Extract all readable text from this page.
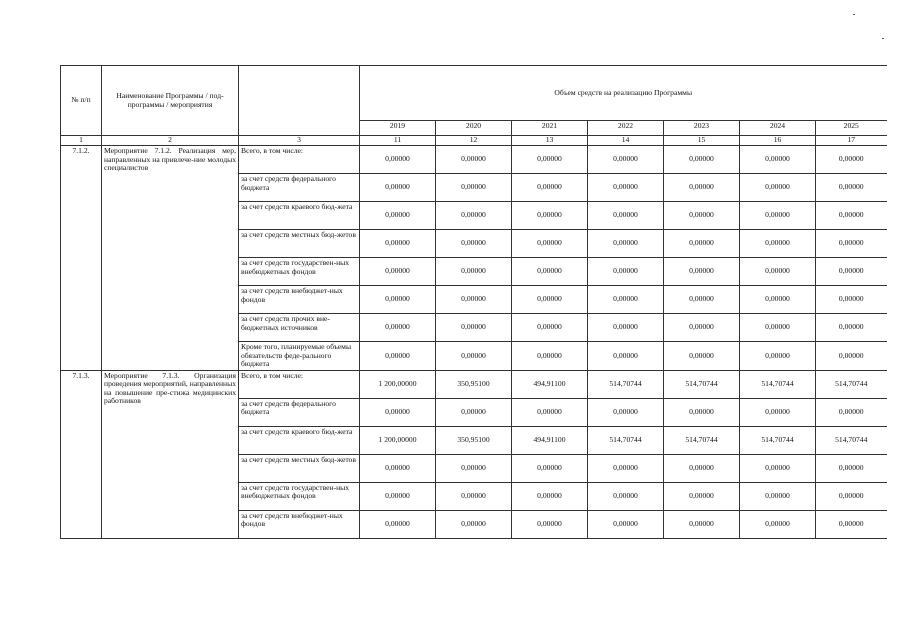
№ п/п	Наименование Программы / под-программы / мероприятия		Объем средств на реализацию Программы						
			2019	2020	2021	2022	2023	2024	2025
1	2	3	11	12	13	14	15	16	17
7.1.2.	Мероприятие 7.1.2. Реализация мер, направленных на привлече-ние молодых специалистов	Всего, в том числе:	0,00000	0,00000	0,00000	0,00000	0,00000	0,00000	0,00000
		за счет средств федерального бюджета	0,00000	0,00000	0,00000	0,00000	0,00000	0,00000	0,00000
		за счет средств краевого бюд-жета	0,00000	0,00000	0,00000	0,00000	0,00000	0,00000	0,00000
		за счет средств местных бюд-жетов	0,00000	0,00000	0,00000	0,00000	0,00000	0,00000	0,00000
		за счет средств государствен-ных внебюджетных фондов	0,00000	0,00000	0,00000	0,00000	0,00000	0,00000	0,00000
		за счет средств внебюджет-ных фондов	0,00000	0,00000	0,00000	0,00000	0,00000	0,00000	0,00000
		за счет средств прочих вне-бюджетных источников	0,00000	0,00000	0,00000	0,00000	0,00000	0,00000	0,00000
		Кроме того, планируемые объемы обязательств феде-рального бюджета	0,00000	0,00000	0,00000	0,00000	0,00000	0,00000	0,00000
7.1.3.	Мероприятие 7.1.3. Организация проведения мероприятий, направленных на повышение пре-стижа медицинских работников	Всего, в том числе:	1 200,00000	350,95100	494,91100	514,70744	514,70744	514,70744	514,70744
		за счет средств федерального бюджета	0,00000	0,00000	0,00000	0,00000	0,00000	0,00000	0,00000
		за счет средств краевого бюд-жета	1 200,00000	350,95100	494,91100	514,70744	514,70744	514,70744	514,70744
		за счет средств местных бюд-жетов	0,00000	0,00000	0,00000	0,00000	0,00000	0,00000	0,00000
		за счет средств государствен-ных внебюджетных фондов	0,00000	0,00000	0,00000	0,00000	0,00000	0,00000	0,00000
		за счет средств внебюджет-ных фондов	0,00000	0,00000	0,00000	0,00000	0,00000	0,00000	0,00000
